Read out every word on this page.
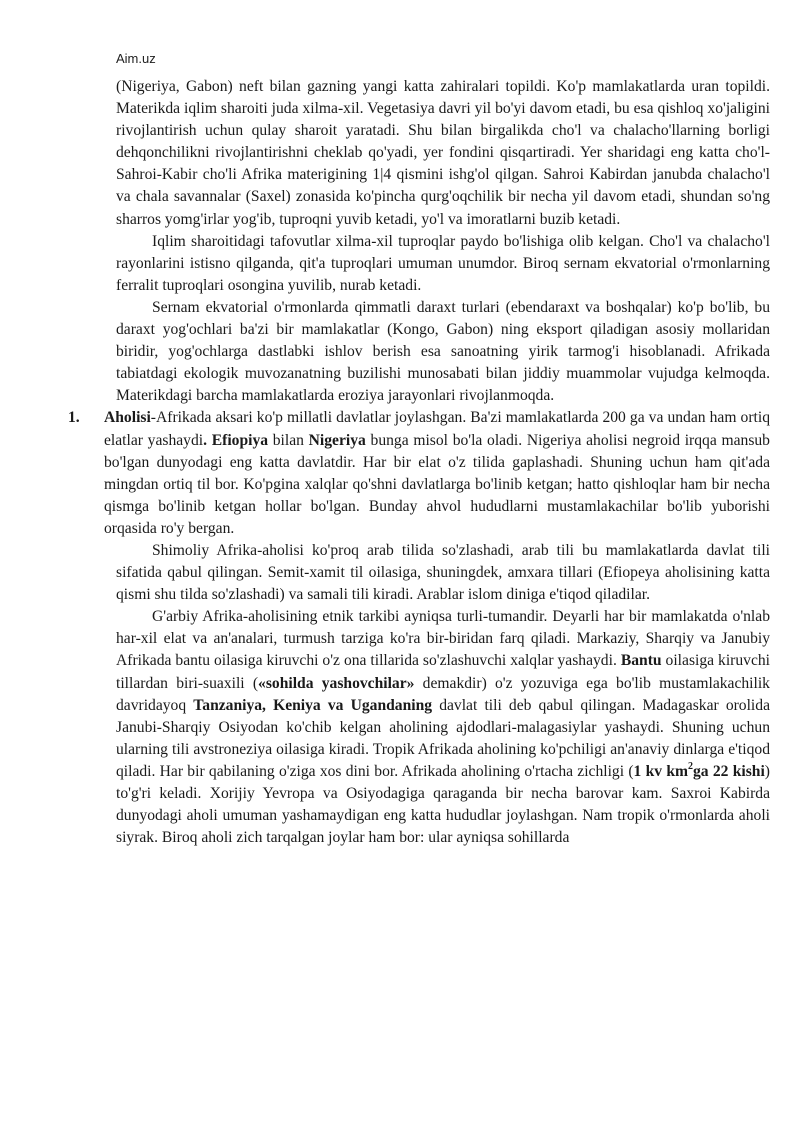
Aim.uz

(Nigeriya, Gabon) neft bilan gazning yangi katta zahiralari topildi. Ko'p mamlakatlarda uran topildi. Materikda iqlim sharoiti juda xilma-xil. Vegetasiya davri yil bo'yi davom etadi, bu esa qishloq xo'jaligini rivojlantirish uchun qulay sharoit yaratadi. Shu bilan birgalikda cho'l va chalacho'llarning borligi dehqonchilikni rivojlantirishni cheklab qo'yadi, yer fondini qisqartiradi. Yer sharidagi eng katta cho'l- Sahroi-Kabir cho'li Afrika materigining 1|4 qismini ishg'ol qilgan. Sahroi Kabirdan janubda chalacho'l va chala savannalar (Saxel) zonasida ko'pincha qurg'oqchilik bir necha yil davom etadi, shundan so'ng sharros yomg'irlar yog'ib, tuproqni yuvib ketadi, yo'l va imoratlarni buzib ketadi.

Iqlim sharoitidagi tafovutlar xilma-xil tuproqlar paydo bo'lishiga olib kelgan. Cho'l va chalacho'l rayonlarini istisno qilganda, qit'a tuproqlari umuman unumdor. Biroq sernam ekvatorial o'rmonlarning ferralit tuproqlari osongina yuvilib, nurab ketadi.

Sernam ekvatorial o'rmonlarda qimmatli daraxt turlari (ebendaraxt va boshqalar) ko'p bo'lib, bu daraxt yog'ochlari ba'zi bir mamlakatlar (Kongo, Gabon) ning eksport qiladigan asosiy mollaridan biridir, yog'ochlarga dastlabki ishlov berish esa sanoatning yirik tarmog'i hisoblanadi. Afrikada tabiatdagi ekologik muvozanatning buzilishi munosabati bilan jiddiy muammolar vujudga kelmoqda. Materikdagi barcha mamlakatlarda eroziya jarayonlari rivojlanmoqda.

1. Aholisi-Afrikada aksari ko'p millatli davlatlar joylashgan. Ba'zi mamlakatlarda 200 ga va undan ham ortiq elatlar yashaydi. Efiopiya bilan Nigeriya bunga misol bo'la oladi. Nigeriya aholisi negroid irqqa mansub bo'lgan dunyodagi eng katta davlatdir. Har bir elat o'z tilida gaplashadi. Shuning uchun ham qit'ada mingdan ortiq til bor. Ko'pgina xalqlar qo'shni davlatlarga bo'linib ketgan; hatto qishloqlar ham bir necha qismga bo'linib ketgan hollar bo'lgan. Bunday ahvol hududlarni mustamlakachilar bo'lib yuborishi orqasida ro'y bergan.

Shimoliy Afrika-aholisi ko'proq arab tilida so'zlashadi, arab tili bu mamlakatlarda davlat tili sifatida qabul qilingan. Semit-xamit til oilasiga, shuningdek, amxara tillari (Efiopeya aholisining katta qismi shu tilda so'zlashadi) va samali tili kiradi. Arablar islom diniga e'tiqod qiladilar.

G'arbiy Afrika-aholisining etnik tarkibi ayniqsa turli-tumandir. Deyarli har bir mamlakatda o'nlab har-xil elat va an'analari, turmush tarziga ko'ra bir-biridan farq qiladi. Markaziy, Sharqiy va Janubiy Afrikada bantu oilasiga kiruvchi o'z ona tillarida so'zlashuvchi xalqlar yashaydi. Bantu oilasiga kiruvchi tillardan biri-suaxili («sohilda yashovchilar» demakdir) o'z yozuviga ega bo'lib mustamlakachilik davridayoq Tanzaniya, Keniya va Ugandaning davlat tili deb qabul qilingan. Madagaskar orolida Janubi-Sharqiy Osiyodan ko'chib kelgan aholining ajdodlari-malagasiylar yashaydi. Shuning uchun ularning tili avstroneziya oilasiga kiradi. Tropik Afrikada aholining ko'pchiligi an'anaviy dinlarga e'tiqod qiladi. Har bir qabilaning o'ziga xos dini bor. Afrikada aholining o'rtacha zichligi (1 kv $km^2ga$ 22 kishi) to'g'ri keladi. Xorijiy Yevropa va Osiyodagiga qaraganda bir necha barovar kam. Saxroi Kabirda dunyodagi aholi umuman yashamaydigan eng katta hududlar joylashgan. Nam tropik o'rmonlarda aholi siyrak. Biroq aholi zich tarqalgan joylar ham bor: ular ayniqsa sohillarda
